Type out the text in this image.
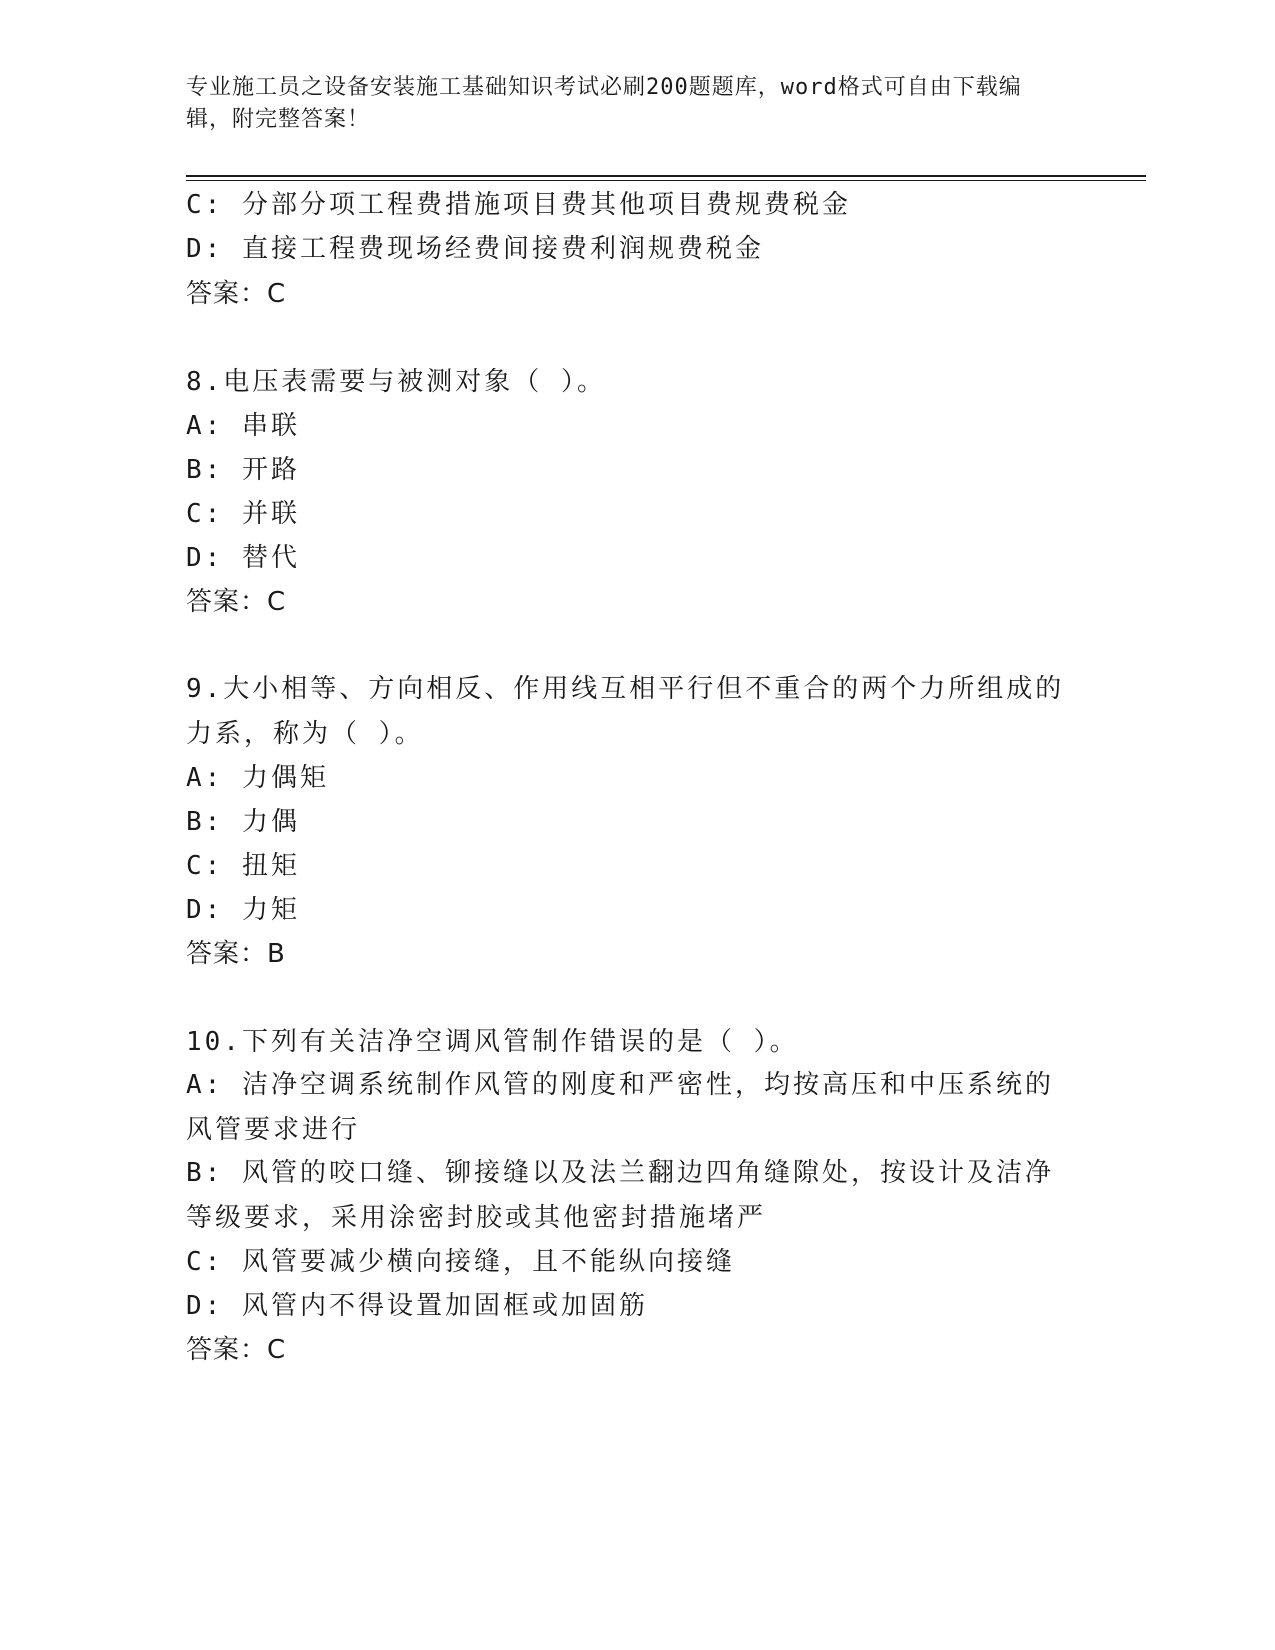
专业施工员之设备安装施工基础知识考试必刷200题题库，word格式可自由下载编辑，附完整答案！
C: 分部分项工程费措施项目费其他项目费规费税金
D: 直接工程费现场经费间接费利润规费税金
答案：C
8.电压表需要与被测对象（ ）。
A: 串联
B: 开路
C: 并联
D: 替代
答案：C
9.大小相等、方向相反、作用线互相平行但不重合的两个力所组成的力系，称为（ ）。
A: 力偶矩
B: 力偶
C: 扭矩
D: 力矩
答案：B
10.下列有关洁净空调风管制作错误的是（ ）。
A: 洁净空调系统制作风管的刚度和严密性，均按高压和中压系统的风管要求进行
B: 风管的咬口缝、铆接缝以及法兰翻边四角缝隙处，按设计及洁净等级要求，采用涂密封胶或其他密封措施堵严
C: 风管要减少横向接缝，且不能纵向接缝
D: 风管内不得设置加固框或加固筋
答案：C
